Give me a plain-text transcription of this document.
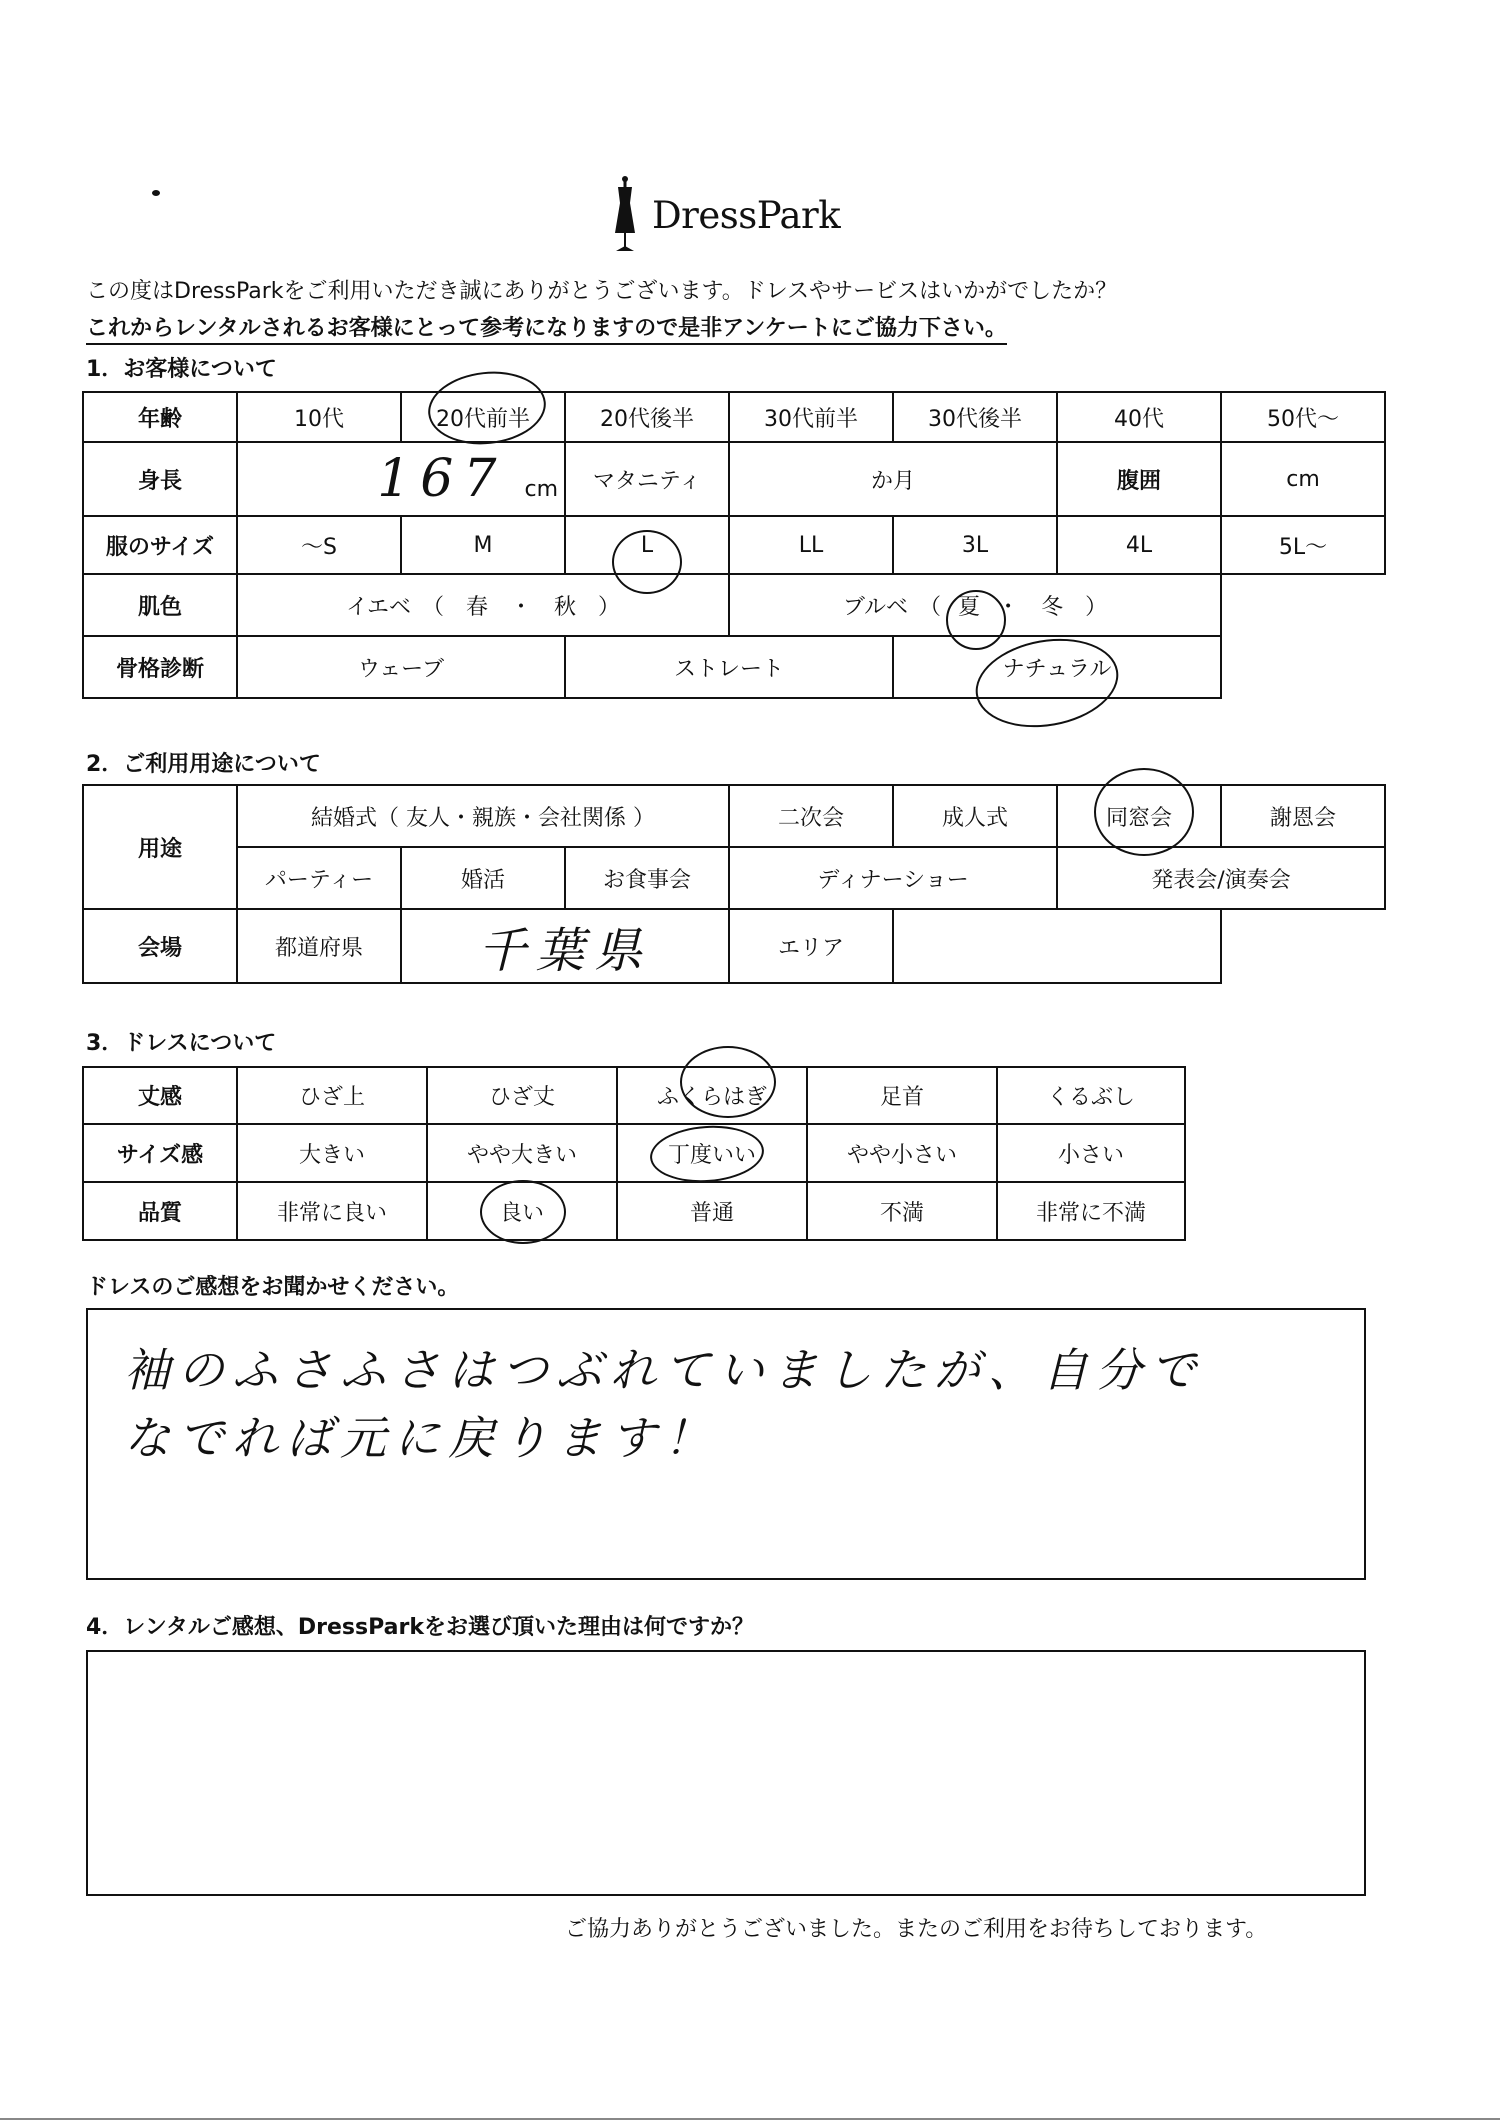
DressPark
この度はDressParkをご利用いただき誠にありがとうございます。ドレスやサービスはいかがでしたか？
これからレンタルされるお客様にとって参考になりますので是非アンケートにご協力下さい。
1．お客様について
年齢	10代	20代前半	20代後半	30代前半	30代後半	40代	50代～
身長	167 cm		マタニティ	か月		腹囲	cm
服のサイズ	～S	M	L	LL	3L	4L	5L～
肌色	イエベ　（　春　・　秋　）			ブルベ　（ 夏 ・　冬　）			
骨格診断	ウェーブ		ストレート		ナチュラル		
2．ご利用用途について
用途	結婚式（ 友人・親族・会社関係 ）			二次会	成人式	同窓会	謝恩会
	パーティー	婚活	お食事会	ディナーショー		発表会/演奏会	
会場	都道府県	千葉県		エリア			
3．ドレスについて
丈感	ひざ上	ひざ丈	ふくらはぎ	足首	くるぶし
サイズ感	大きい	やや大きい	丁度いい	やや小さい	小さい
品質	非常に良い	良い	普通	不満	非常に不満
ドレスのご感想をお聞かせください。

袖のふさふさはつぶれていましたが、自分で

なでれば元に戻ります！

4．レンタルご感想、DressParkをお選び頂いた理由は何ですか？
ご協力ありがとうございました。またのご利用をお待ちしております。
